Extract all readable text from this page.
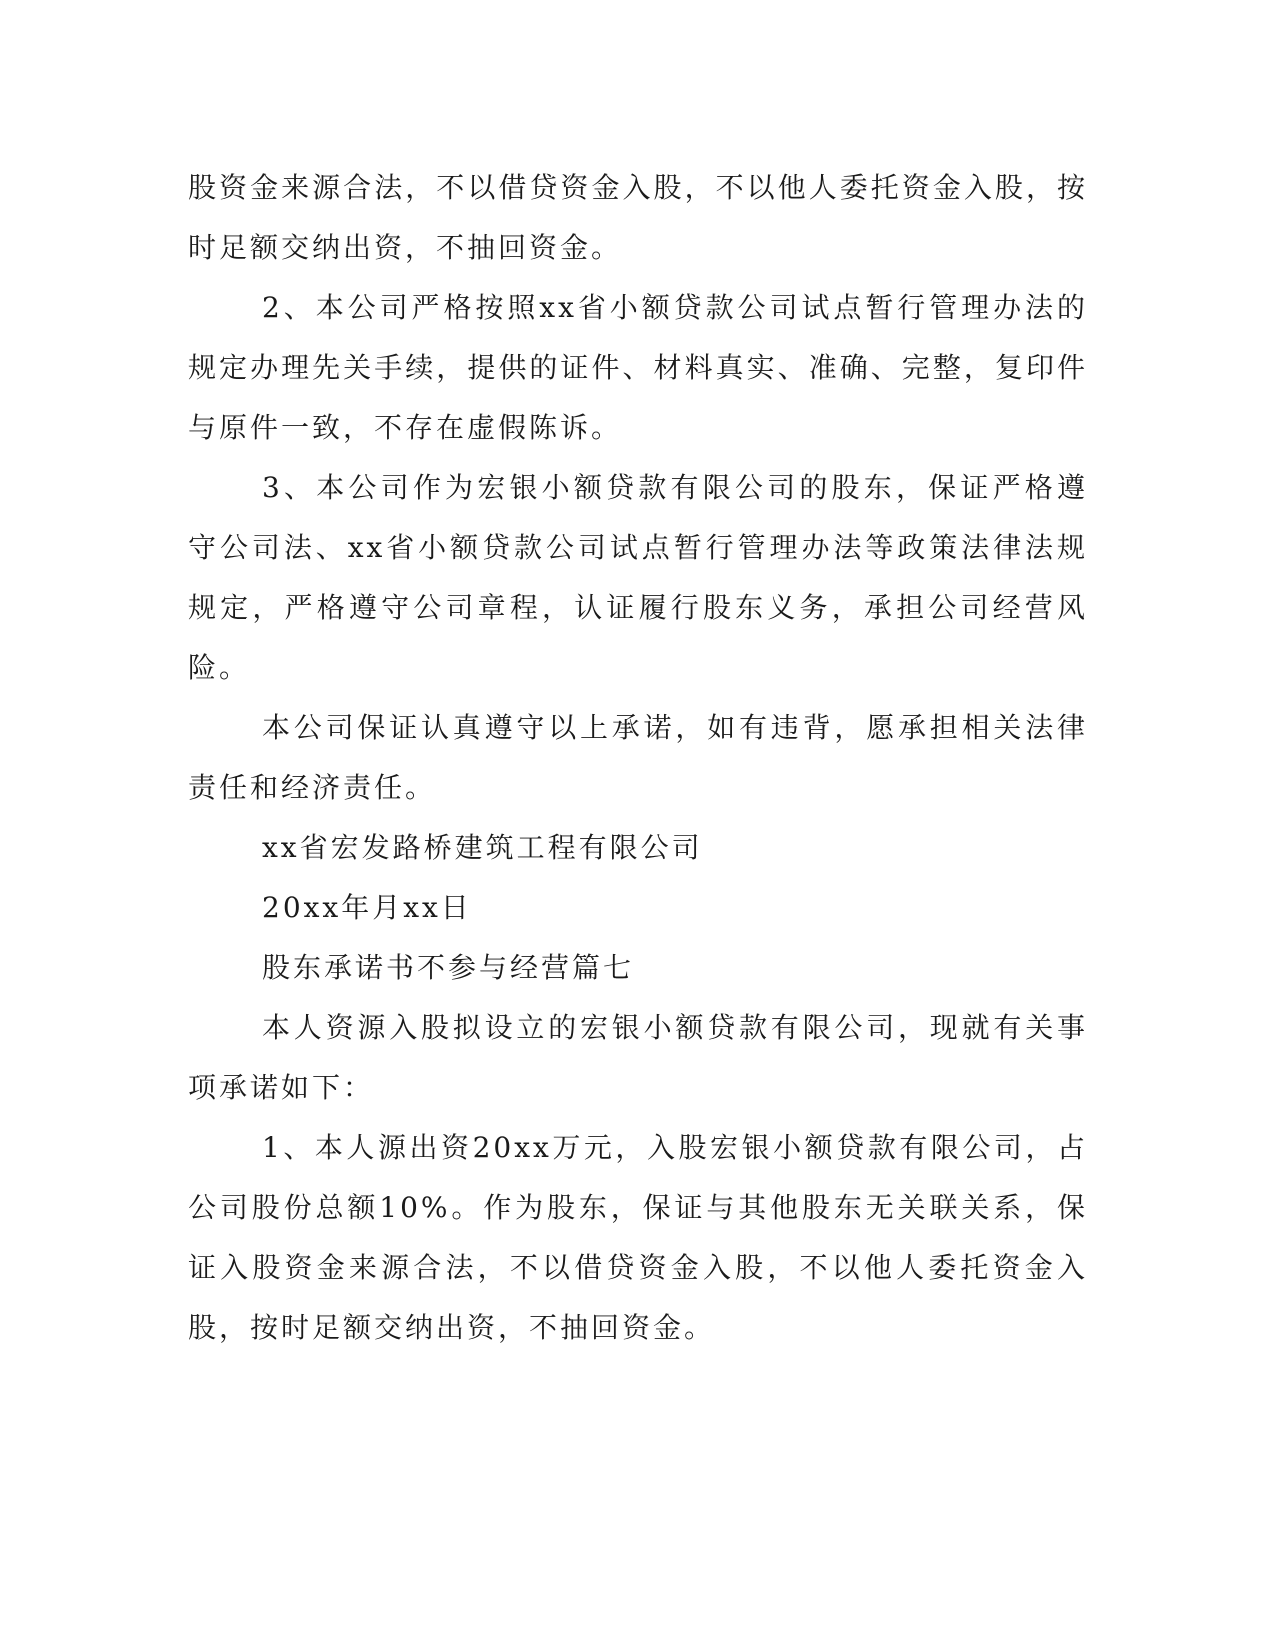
股资金来源合法，不以借贷资金入股，不以他人委托资金入股，按时足额交纳出资，不抽回资金。

2、本公司严格按照xx省小额贷款公司试点暂行管理办法的规定办理先关手续，提供的证件、材料真实、准确、完整，复印件与原件一致，不存在虚假陈诉。

3、本公司作为宏银小额贷款有限公司的股东，保证严格遵守公司法、xx省小额贷款公司试点暂行管理办法等政策法律法规规定，严格遵守公司章程，认证履行股东义务，承担公司经营风险。

本公司保证认真遵守以上承诺，如有违背，愿承担相关法律责任和经济责任。

xx省宏发路桥建筑工程有限公司

20xx年月xx日

股东承诺书不参与经营篇七

本人资源入股拟设立的宏银小额贷款有限公司，现就有关事项承诺如下：

1、本人源出资20xx万元，入股宏银小额贷款有限公司，占公司股份总额10%。作为股东，保证与其他股东无关联关系，保证入股资金来源合法，不以借贷资金入股，不以他人委托资金入股，按时足额交纳出资，不抽回资金。
